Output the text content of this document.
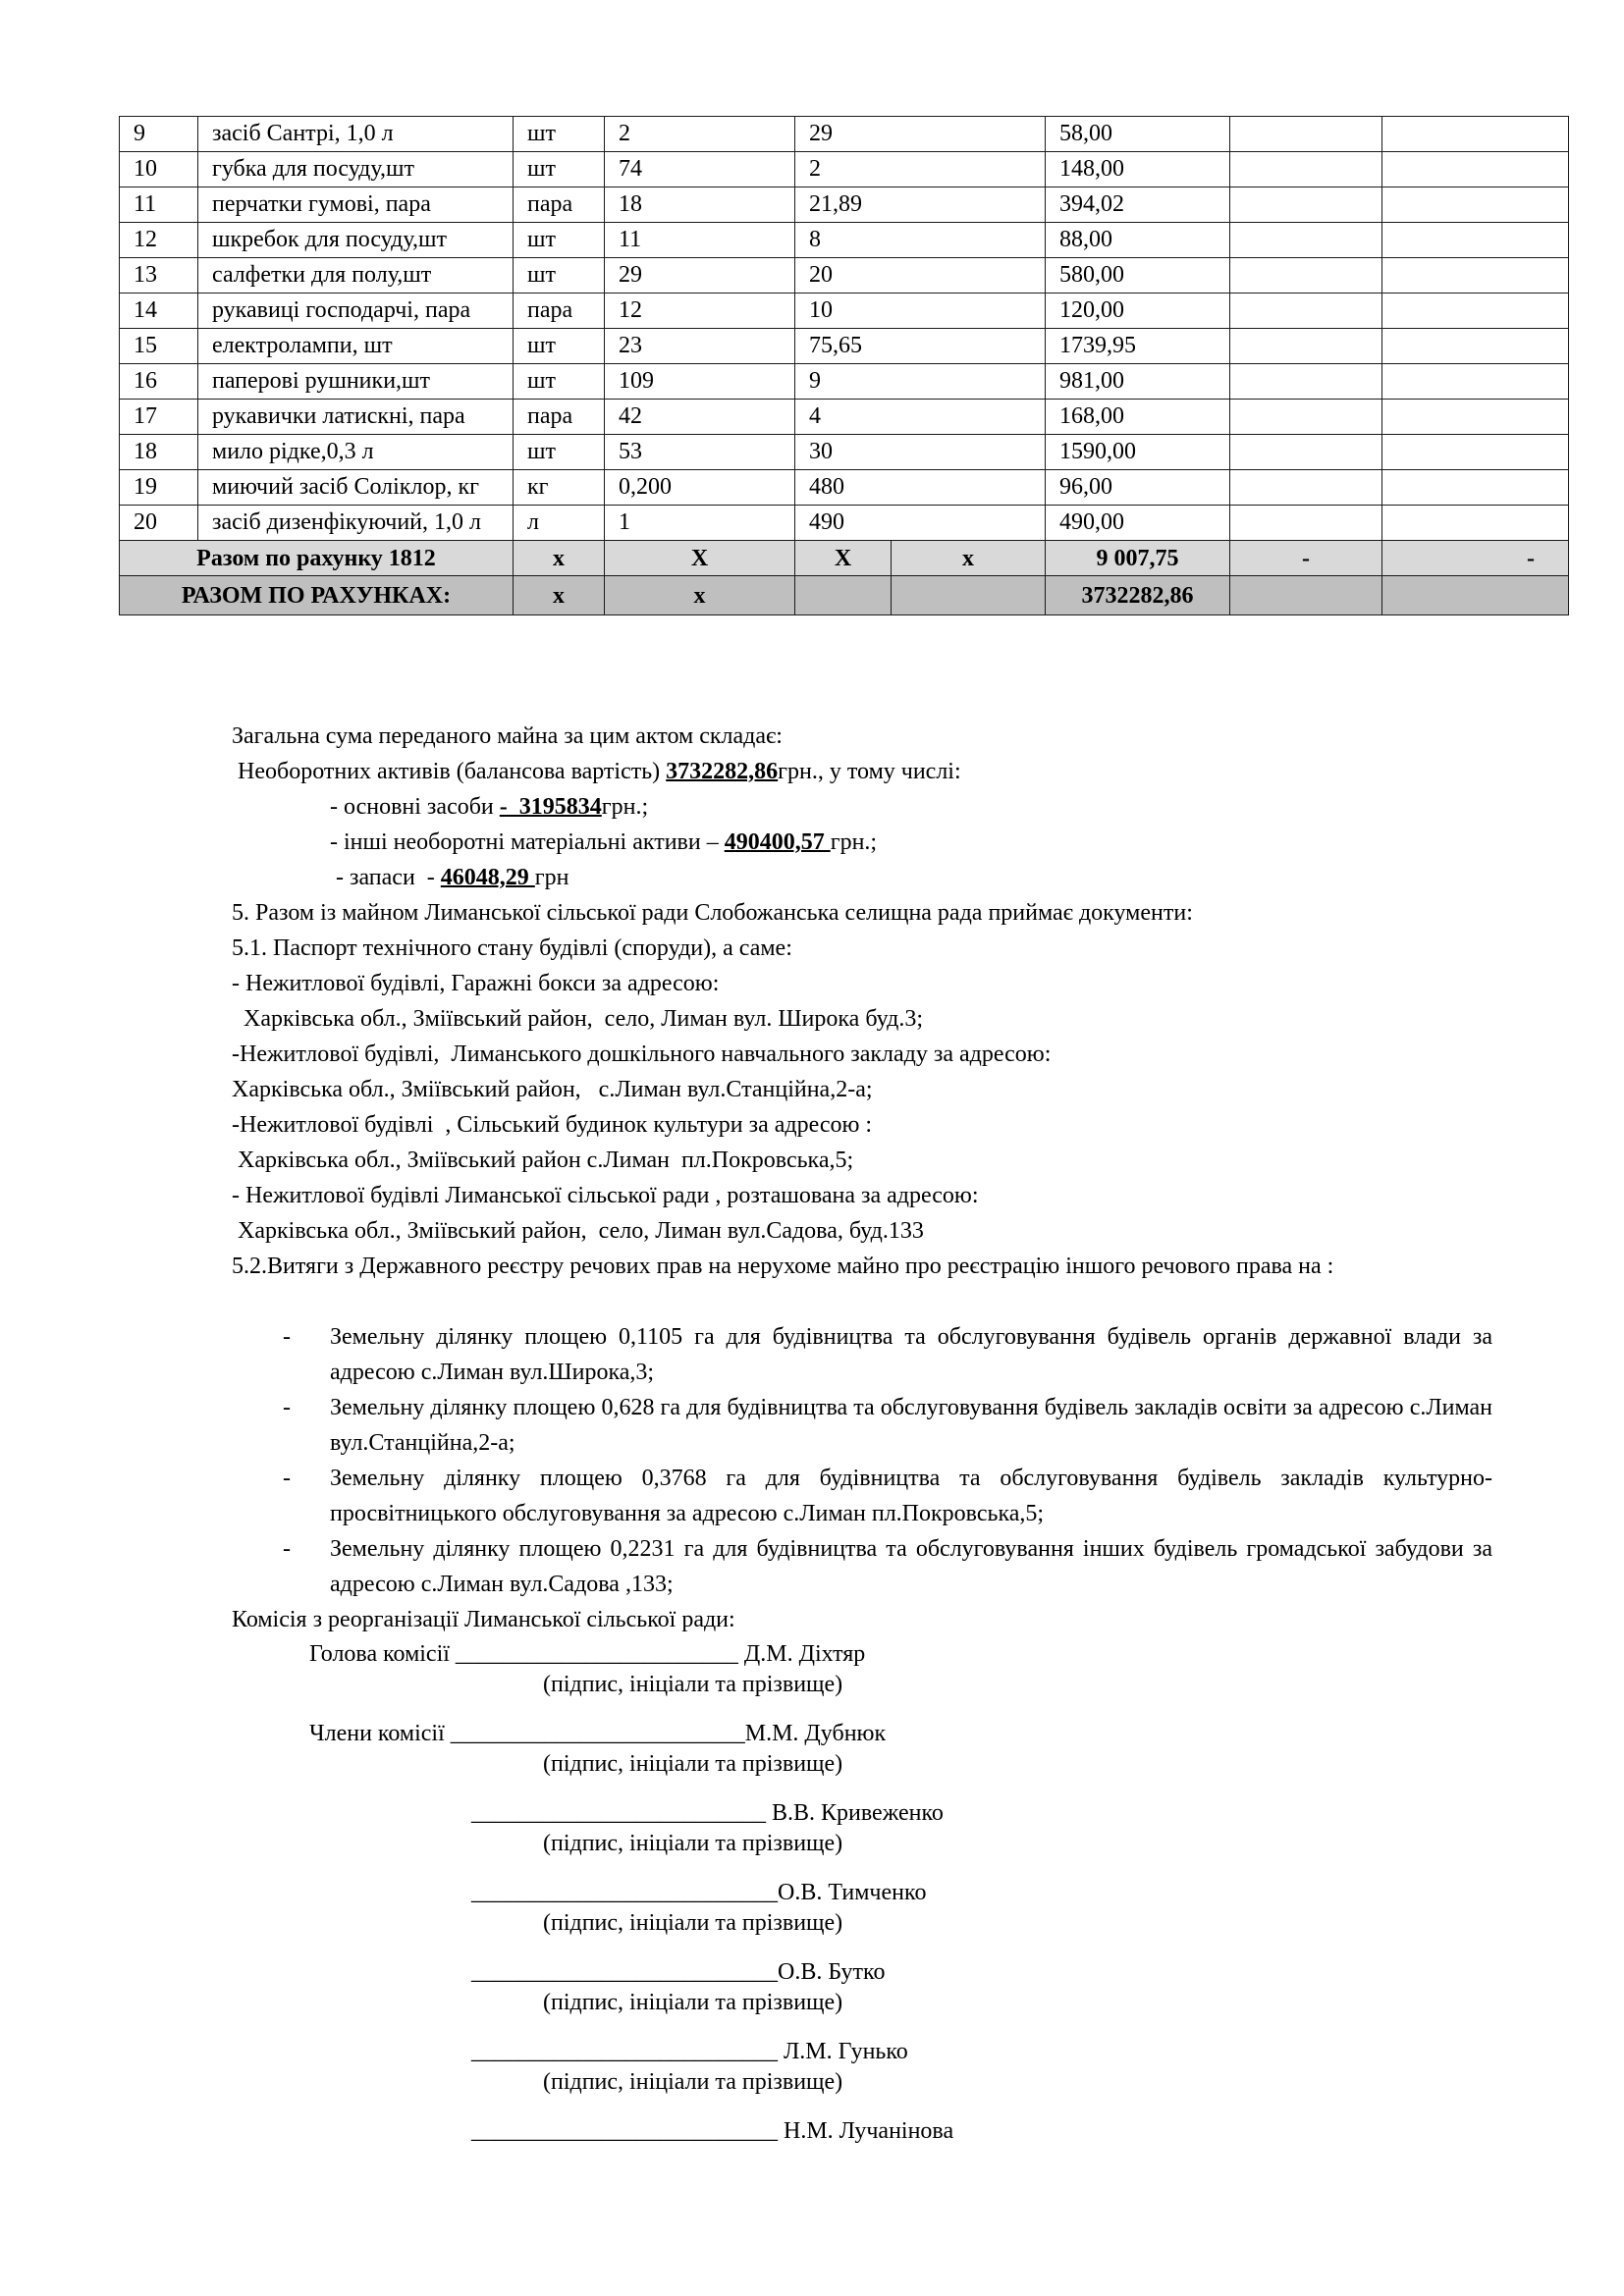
9	засіб Сантрі, 1,0 л	шт	2	29		58,00		
10	губка для посуду,шт	шт	74	2		148,00		
11	перчатки гумові, пара	пара	18	21,89		394,02		
12	шкребок для посуду,шт	шт	11	8		88,00		
13	салфетки для полу,шт	шт	29	20		580,00		
14	рукавиці господарчі, пара	пара	12	10		120,00		
15	електролампи, шт	шт	23	75,65		1739,95		
16	паперові рушники,шт	шт	109	9		981,00		
17	рукавички латискні, пара	пара	42	4		168,00		
18	мило рідке,0,3 л	шт	53	30		1590,00		
19	миючий засіб Соліклор, кг	кг	0,200	480		96,00		
20	засіб дизенфікуючий, 1,0 л	л	1	490		490,00		
Разом по рахунку 1812		x	X	X	x	9 007,75	-	-
РАЗОМ ПО РАХУНКАХ:		x	x			3732282,86		
Загальна сума переданого майна за цим актом складає:
Необоротних активів (балансова вартість) 3732282,86грн., у тому числі:
- основні засоби -  3195834грн.;
- інші необоротні матеріальні активи – 490400,57 грн.;
- запаси  - 46048,29 грн
5. Разом із майном Лиманської сільської ради Слобожанська селищна рада приймає документи:
5.1. Паспорт технічного стану будівлі (споруди), а саме:
- Нежитлової будівлі, Гаражні бокси за адресою:
Харківська обл., Зміївський район,  село, Лиман вул. Широка буд.3;
-Нежитлової будівлі,  Лиманського дошкільного навчального закладу за адресою:
Харківська обл., Зміївський район,   с.Лиман вул.Станційна,2-а;
-Нежитлової будівлі  , Сільський будинок культури за адресою :
Харківська обл., Зміївський район с.Лиман  пл.Покровська,5;
- Нежитлової будівлі Лиманської сільської ради , розташована за адресою:
Харківська обл., Зміївський район,  село, Лиман вул.Садова, буд.133
5.2.Витяги з Державного реєстру речових прав на нерухоме майно про реєстрацію іншого речового права на :
-	Земельну ділянку площею 0,1105 га для будівництва та обслуговування будівель органів державної влади за адресою с.Лиман вул.Широка,3;
-	Земельну ділянку площею 0,628 га для будівництва та обслуговування будівель закладів освіти за адресою с.Лиман вул.Станційна,2-а;
-	Земельну ділянку площею 0,3768 га для будівництва та обслуговування будівель закладів культурно- просвітницького обслуговування за адресою с.Лиман пл.Покровська,5;
-	Земельну ділянку площею 0,2231 га для будівництва та обслуговування інших будівель громадської забудови за адресою с.Лиман вул.Садова ,133;
Комісія з реорганізації Лиманської сільської ради:
Голова комісії ________________________ Д.М. Діхтяр
(підпис, ініціали та прізвище)
Члени комісії _________________________М.М. Дубнюк
(підпис, ініціали та прізвище)
_________________________ В.В. Кривеженко
(підпис, ініціали та прізвище)
__________________________О.В. Тимченко
(підпис, ініціали та прізвище)
__________________________О.В. Бутко
(підпис, ініціали та прізвище)
__________________________ Л.М. Гунько
(підпис, ініціали та прізвище)
__________________________ Н.М. Лучанінова
